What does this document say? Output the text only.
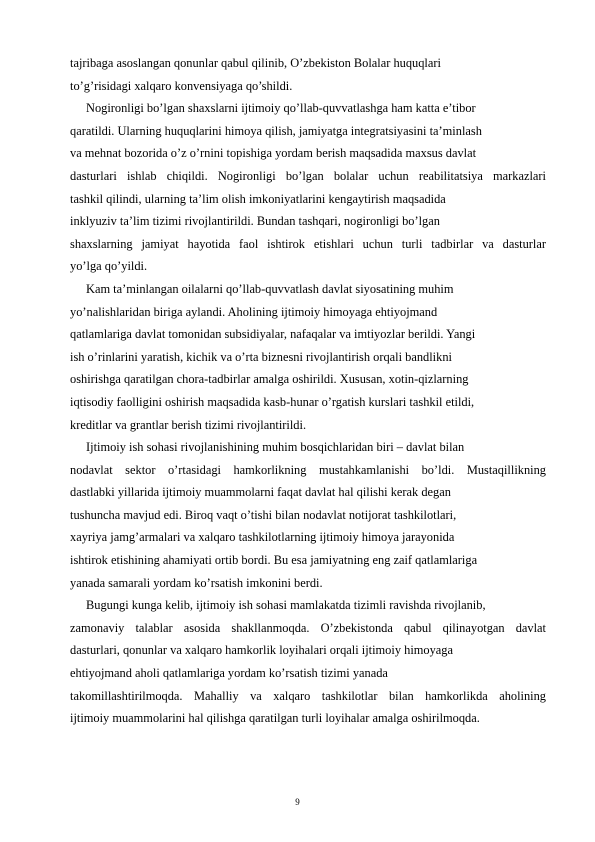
tajribaga asoslangan qonunlar qabul qilinib, O’zbekiston Bolalar huquqlari
to’g’risidagi xalqaro konvensiyaga qo’shildi.
Nogironligi bo’lgan shaxslarni ijtimoiy qo’llab-quvvatlashga ham katta e’tibor
qaratildi. Ularning huquqlarini himoya qilish, jamiyatga integratsiyasini ta’minlash
va mehnat bozorida o’z o’rnini topishiga yordam berish maqsadida maxsus davlat
dasturlari ishlab chiqildi. Nogironligi bo’lgan bolalar uchun reabilitatsiya markazlari
tashkil qilindi, ularning ta’lim olish imkoniyatlarini kengaytirish maqsadida
inklyuziv ta’lim tizimi rivojlantirildi. Bundan tashqari, nogironligi bo’lgan
shaxslarning jamiyat hayotida faol ishtirok etishlari uchun turli tadbirlar va dasturlar
yo’lga qo’yildi.
Kam ta’minlangan oilalarni qo’llab-quvvatlash davlat siyosatining muhim
yo’nalishlaridan biriga aylandi. Aholining ijtimoiy himoyaga ehtiyojmand
qatlamlariga davlat tomonidan subsidiyalar, nafaqalar va imtiyozlar berildi. Yangi
ish o’rinlarini yaratish, kichik va o’rta biznesni rivojlantirish orqali bandlikni
oshirishga qaratilgan chora-tadbirlar amalga oshirildi. Xususan, xotin-qizlarning
iqtisodiy faolligini oshirish maqsadida kasb-hunar o’rgatish kurslari tashkil etildi,
kreditlar va grantlar berish tizimi rivojlantirildi.
Ijtimoiy ish sohasi rivojlanishining muhim bosqichlaridan biri – davlat bilan
nodavlat sektor o’rtasidagi hamkorlikning mustahkamlanishi bo’ldi. Mustaqillikning
dastlabki yillarida ijtimoiy muammolarni faqat davlat hal qilishi kerak degan
tushuncha mavjud edi. Biroq vaqt o’tishi bilan nodavlat notijorat tashkilotlari,
xayriya jamg’armalari va xalqaro tashkilotlarning ijtimoiy himoya jarayonida
ishtirok etishining ahamiyati ortib bordi. Bu esa jamiyatning eng zaif qatlamlariga
yanada samarali yordam ko’rsatish imkonini berdi.
Bugungi kunga kelib, ijtimoiy ish sohasi mamlakatda tizimli ravishda rivojlanib,
zamonaviy talablar asosida shakllanmoqda. O’zbekistonda qabul qilinayotgan davlat
dasturlari, qonunlar va xalqaro hamkorlik loyihalari orqali ijtimoiy himoyaga
ehtiyojmand aholi qatlamlariga yordam ko’rsatish tizimi yanada
takomillashtirilmoqda. Mahalliy va xalqaro tashkilotlar bilan hamkorlikda aholining
ijtimoiy muammolarini hal qilishga qaratilgan turli loyihalar amalga oshirilmoqda.
9
